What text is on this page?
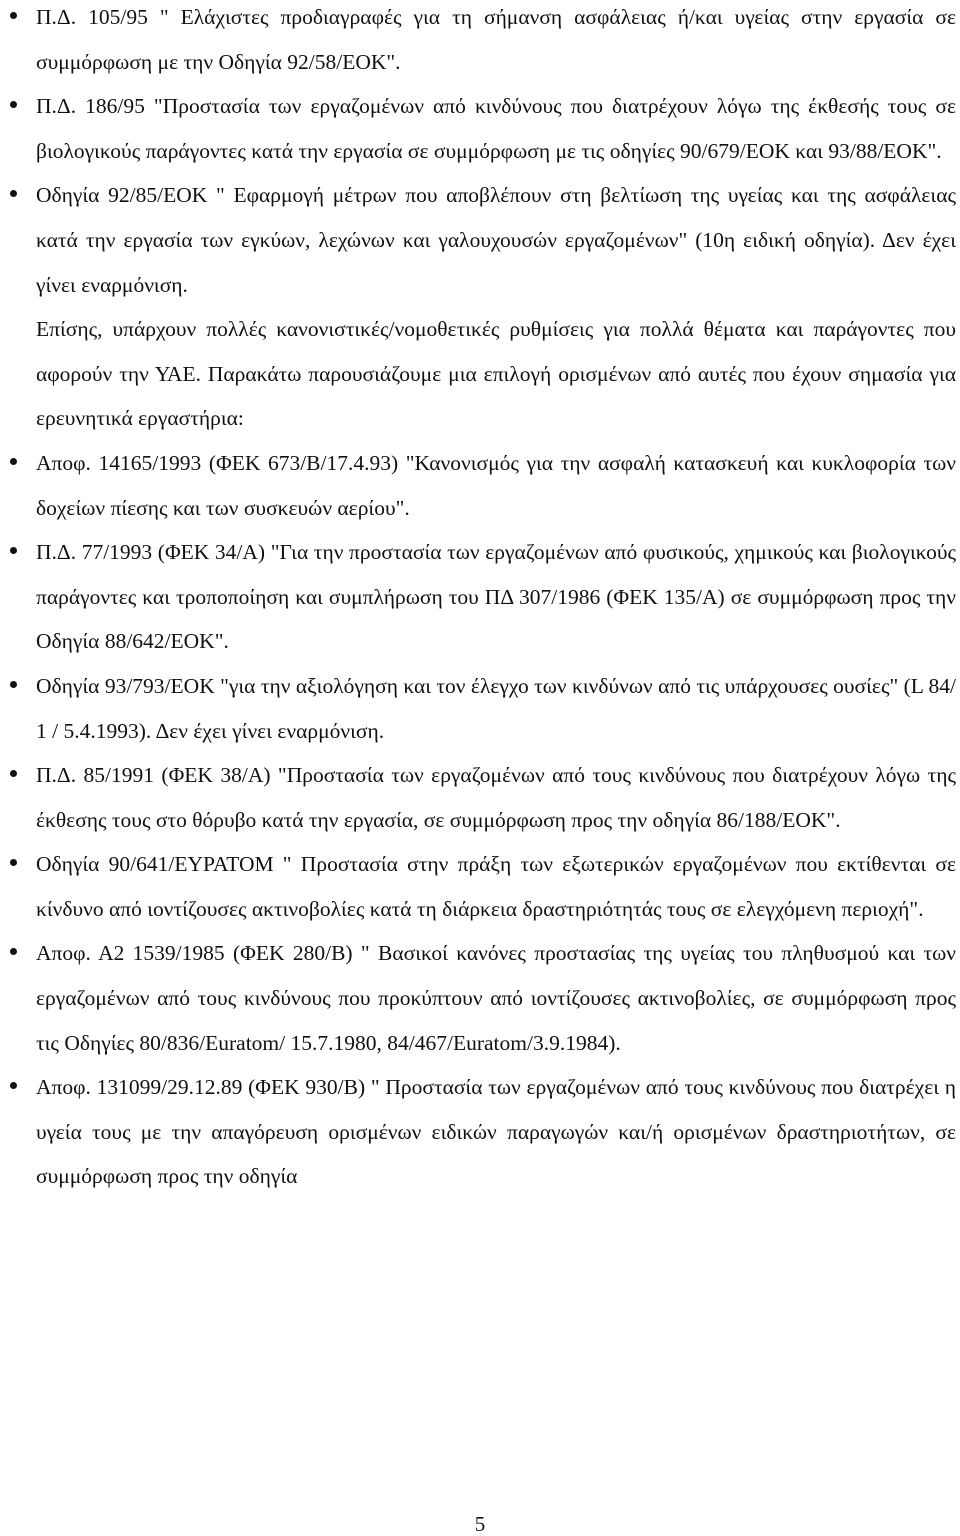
Π.Δ. 105/95 " Ελάχιστες προδιαγραφές για τη σήμανση ασφάλειας ή/και υγείας στην εργασία σε συμμόρφωση με την Οδηγία 92/58/ΕΟΚ".
Π.Δ. 186/95 "Προστασία των εργαζομένων από κινδύνους που διατρέχουν λόγω της έκθεσής τους σε βιολογικούς παράγοντες κατά την εργασία σε συμμόρφωση με τις οδηγίες 90/679/ΕΟΚ και 93/88/ΕΟΚ".
Οδηγία 92/85/ΕΟΚ " Εφαρμογή μέτρων που αποβλέπουν στη βελτίωση της υγείας και της ασφάλειας κατά την εργασία των εγκύων, λεχώνων και γαλουχουσών εργαζομένων" (10η ειδική οδηγία). Δεν έχει γίνει εναρμόνιση.
Επίσης, υπάρχουν πολλές κανονιστικές/νομοθετικές ρυθμίσεις για πολλά θέματα και παράγοντες που αφορούν την ΥΑΕ. Παρακάτω παρουσιάζουμε μια επιλογή ορισμένων από αυτές που έχουν σημασία για ερευνητικά εργαστήρια:
Αποφ. 14165/1993 (ΦΕΚ 673/Β/17.4.93) "Κανονισμός για την ασφαλή κατασκευή και κυκλοφορία των δοχείων πίεσης και των συσκευών αερίου".
Π.Δ. 77/1993 (ΦΕΚ 34/Α) "Για την προστασία των εργαζομένων από φυσικούς, χημικούς και βιολογικούς παράγοντες και τροποποίηση και συμπλήρωση του ΠΔ 307/1986 (ΦΕΚ 135/Α) σε συμμόρφωση προς την Οδηγία 88/642/ΕΟΚ".
Οδηγία 93/793/ΕΟΚ "για την αξιολόγηση και τον έλεγχο των κινδύνων από τις υπάρχουσες ουσίες" (L 84/ 1 / 5.4.1993). Δεν έχει γίνει εναρμόνιση.
Π.Δ. 85/1991 (ΦΕΚ 38/Α) "Προστασία των εργαζομένων από τους κινδύνους που διατρέχουν λόγω της έκθεσης τους στο θόρυβο κατά την εργασία, σε συμμόρφωση προς την οδηγία 86/188/ΕΟΚ".
Οδηγία 90/641/ΕΥΡΑΤΟΜ " Προστασία στην πράξη των εξωτερικών εργαζομένων που εκτίθενται σε κίνδυνο από ιοντίζουσες ακτινοβολίες κατά τη διάρκεια δραστηριότητάς τους σε ελεγχόμενη περιοχή".
Αποφ. Α2 1539/1985 (ΦΕΚ 280/Β) " Βασικοί κανόνες προστασίας της υγείας του πληθυσμού και των εργαζομένων από τους κινδύνους που προκύπτουν από ιοντίζουσες ακτινοβολίες, σε συμμόρφωση προς τις Οδηγίες 80/836/Euratom/ 15.7.1980, 84/467/Euratom/3.9.1984).
Αποφ. 131099/29.12.89 (ΦΕΚ 930/Β) " Προστασία των εργαζομένων από τους κινδύνους που διατρέχει η υγεία τους με την απαγόρευση ορισμένων ειδικών παραγωγών και/ή ορισμένων δραστηριοτήτων, σε συμμόρφωση προς την οδηγία
5
